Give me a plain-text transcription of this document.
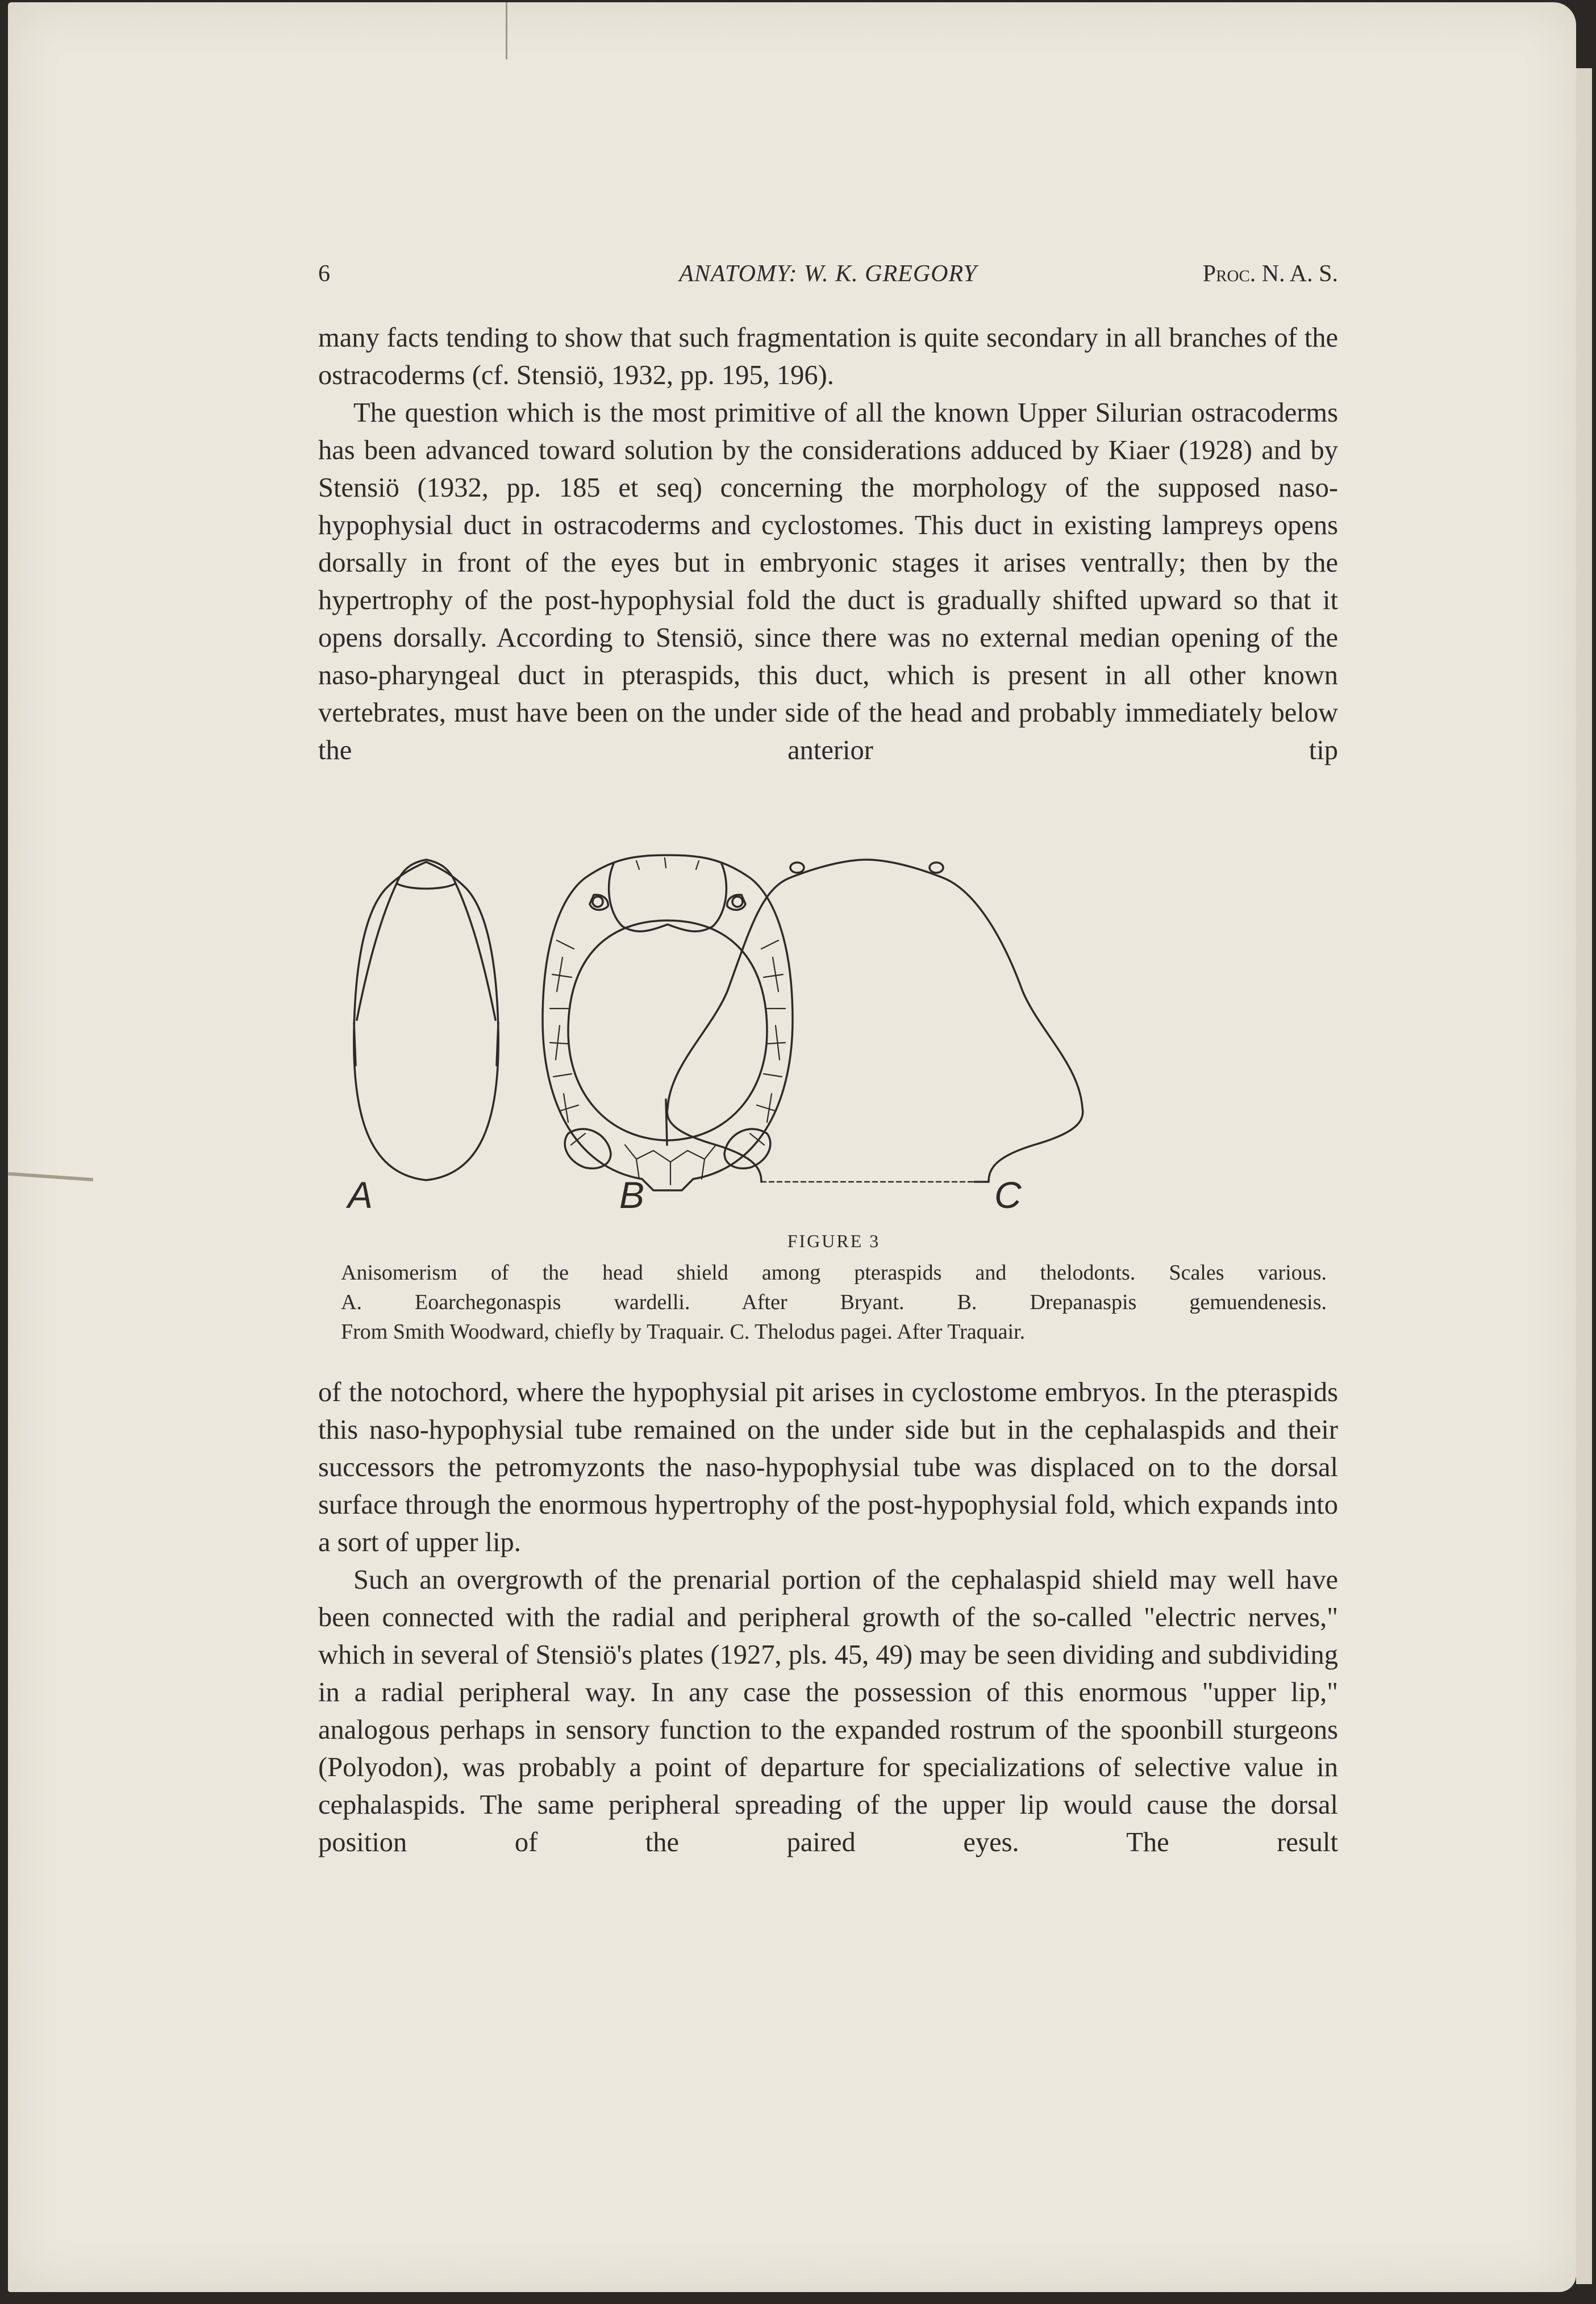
6	ANATOMY: W. K. GREGORY	Proc. N. A. S.

many facts tending to show that such fragmentation is quite secondary in all branches of the ostracoderms (cf. Stensiö, 1932, pp. 195, 196).

The question which is the most primitive of all the known Upper Silurian ostracoderms has been advanced toward solution by the considerations adduced by Kiaer (1928) and by Stensiö (1932, pp. 185 et seq) concerning the morphology of the supposed naso-hypophysial duct in ostracoderms and cyclostomes. This duct in existing lampreys opens dorsally in front of the eyes but in embryonic stages it arises ventrally; then by the hypertrophy of the post-hypophysial fold the duct is gradually shifted upward so that it opens dorsally. According to Stensiö, since there was no external median opening of the naso-pharyngeal duct in pteraspids, this duct, which is present in all other known vertebrates, must have been on the under side of the head and probably immediately below the anterior tip

A	B	C
FIGURE 3
Anisomerism of the head shield among pteraspids and thelodonts. Scales various.
A. Eoarchegonaspis wardelli. After Bryant. B. Drepanaspis gemuendenesis.
From Smith Woodward, chiefly by Traquair. C. Thelodus pagei. After Traquair.

of the notochord, where the hypophysial pit arises in cyclostome embryos. In the pteraspids this naso-hypophysial tube remained on the under side but in the cephalaspids and their successors the petromyzonts the naso-hypophysial tube was displaced on to the dorsal surface through the enormous hypertrophy of the post-hypophysial fold, which expands into a sort of upper lip.

Such an overgrowth of the prenarial portion of the cephalaspid shield may well have been connected with the radial and peripheral growth of the so-called "electric nerves," which in several of Stensiö's plates (1927, pls. 45, 49) may be seen dividing and subdividing in a radial peripheral way. In any case the possession of this enormous "upper lip," analogous perhaps in sensory function to the expanded rostrum of the spoonbill sturgeons (Polyodon), was probably a point of departure for specializations of selective value in cephalaspids. The same peripheral spreading of the upper lip would cause the dorsal position of the paired eyes. The result
